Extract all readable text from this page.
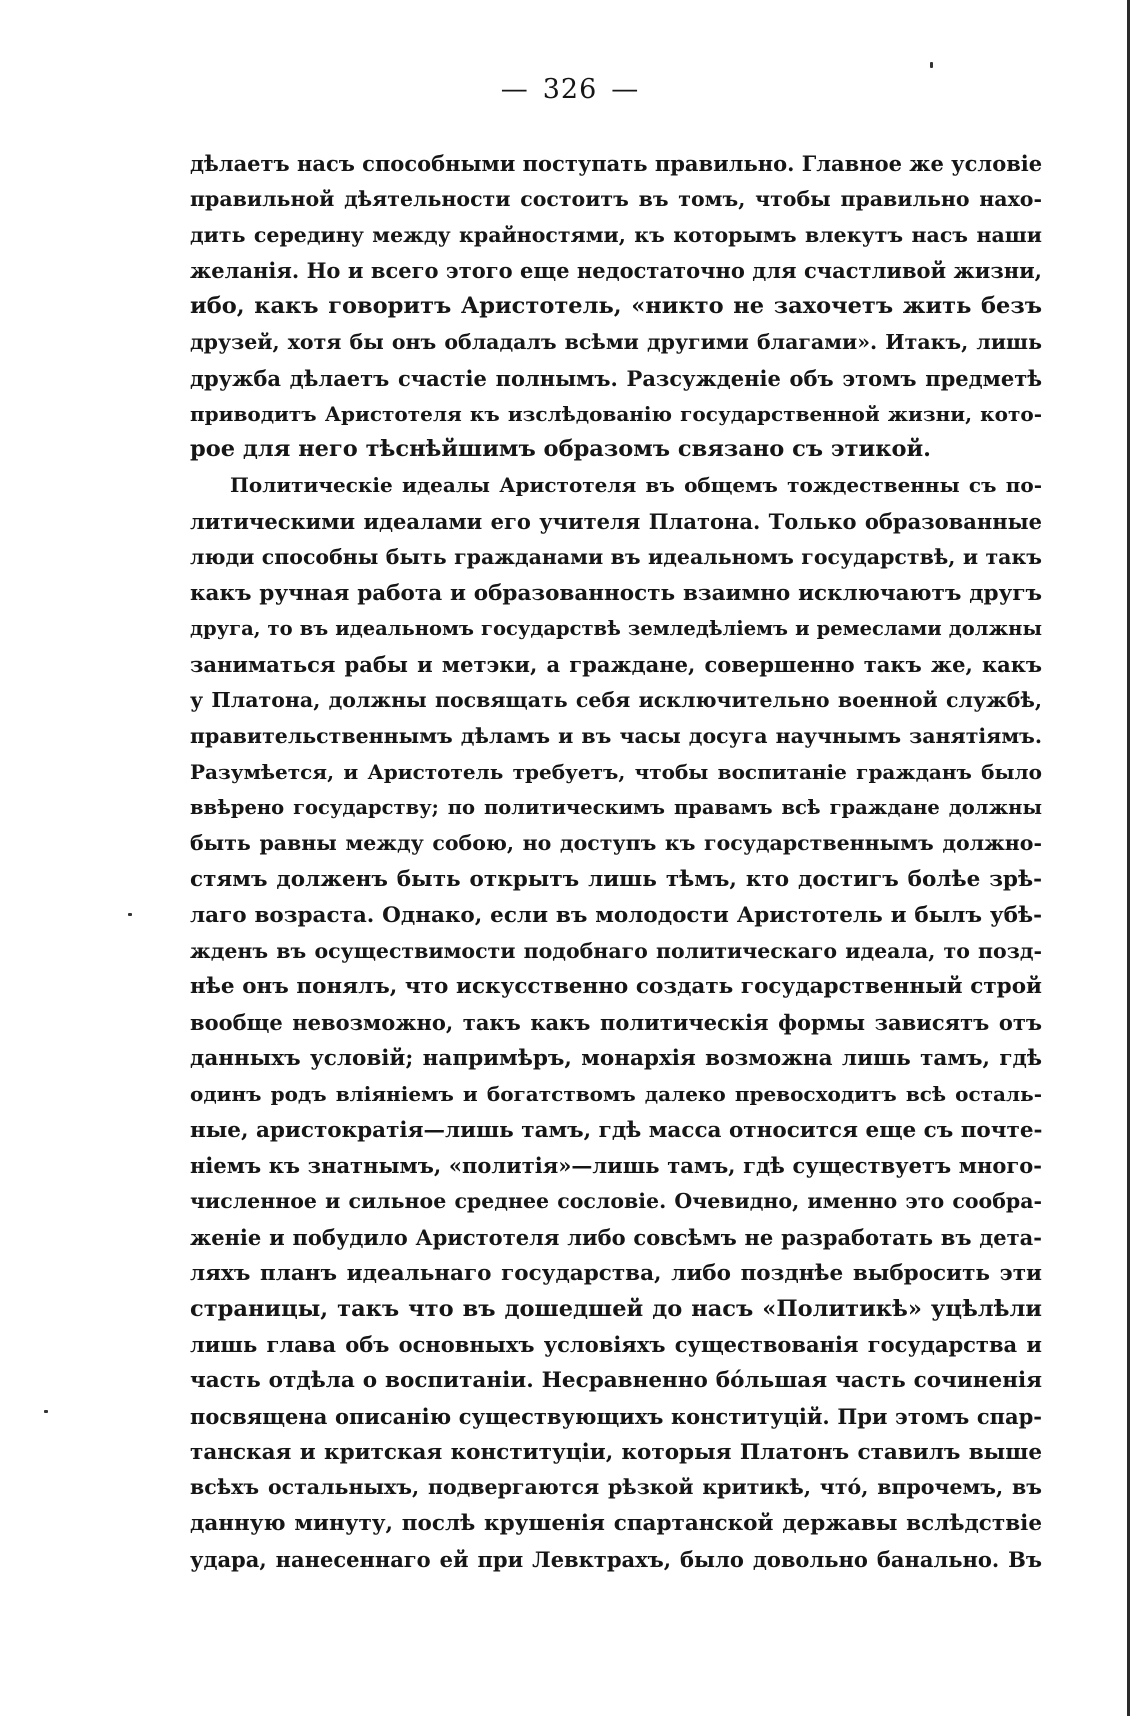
— 326 —

дѣлаетъ насъ способными поступать правильно. Главное же условіе
правильной дѣятельности состоитъ въ томъ, чтобы правильно нахо-
дить середину между крайностями, къ которымъ влекутъ насъ наши
желанія. Но и всего этого еще недостаточно для счастливой жизни,
ибо, какъ говоритъ Аристотель, «никто не захочетъ жить безъ
друзей, хотя бы онъ обладалъ всѣми другими благами». Итакъ, лишь
дружба дѣлаетъ счастіе полнымъ. Разсужденіе объ этомъ предметѣ
приводитъ Аристотеля къ изслѣдованію государственной жизни, кото-
рое для него тѣснѣйшимъ образомъ связано съ этикой.
Политическіе идеалы Аристотеля въ общемъ тождественны съ по-
литическими идеалами его учителя Платона. Только образованные
люди способны быть гражданами въ идеальномъ государствѣ, и такъ
какъ ручная работа и образованность взаимно исключаютъ другъ
друга, то въ идеальномъ государствѣ земледѣліемъ и ремеслами должны
заниматься рабы и метэки, а граждане, совершенно такъ же, какъ
у Платона, должны посвящать себя исключительно военной службѣ,
правительственнымъ дѣламъ и въ часы досуга научнымъ занятіямъ.
Разумѣется, и Аристотель требуетъ, чтобы воспитаніе гражданъ было
ввѣрено государству; по политическимъ правамъ всѣ граждане должны
быть равны между собою, но доступъ къ государственнымъ должно-
стямъ долженъ быть открытъ лишь тѣмъ, кто достигъ болѣе зрѣ-
лаго возраста. Однако, если въ молодости Аристотель и былъ убѣ-
жденъ въ осуществимости подобнаго политическаго идеала, то позд-
нѣе онъ понялъ, что искусственно создать государственный строй
вообще невозможно, такъ какъ политическія формы зависятъ отъ
данныхъ условій; напримѣръ, монархія возможна лишь тамъ, гдѣ
одинъ родъ вліяніемъ и богатствомъ далеко превосходитъ всѣ осталь-
ные, аристократія—лишь тамъ, гдѣ масса относится еще съ почте-
ніемъ къ знатнымъ, «политія»—лишь тамъ, гдѣ существуетъ много-
численное и сильное среднее сословіе. Очевидно, именно это сообра-
женіе и побудило Аристотеля либо совсѣмъ не разработать въ дета-
ляхъ планъ идеальнаго государства, либо позднѣе выбросить эти
страницы, такъ что въ дошедшей до насъ «Политикѣ» уцѣлѣли
лишь глава объ основныхъ условіяхъ существованія государства и
часть отдѣла о воспитаніи. Несравненно бо́льшая часть сочиненія
посвящена описанію существующихъ конституцій. При этомъ спар-
танская и критская конституціи, которыя Платонъ ставилъ выше
всѣхъ остальныхъ, подвергаются рѣзкой критикѣ, что́, впрочемъ, въ
данную минуту, послѣ крушенія спартанской державы вслѣдствіе
удара, нанесеннаго ей при Левктрахъ, было довольно банально. Въ
